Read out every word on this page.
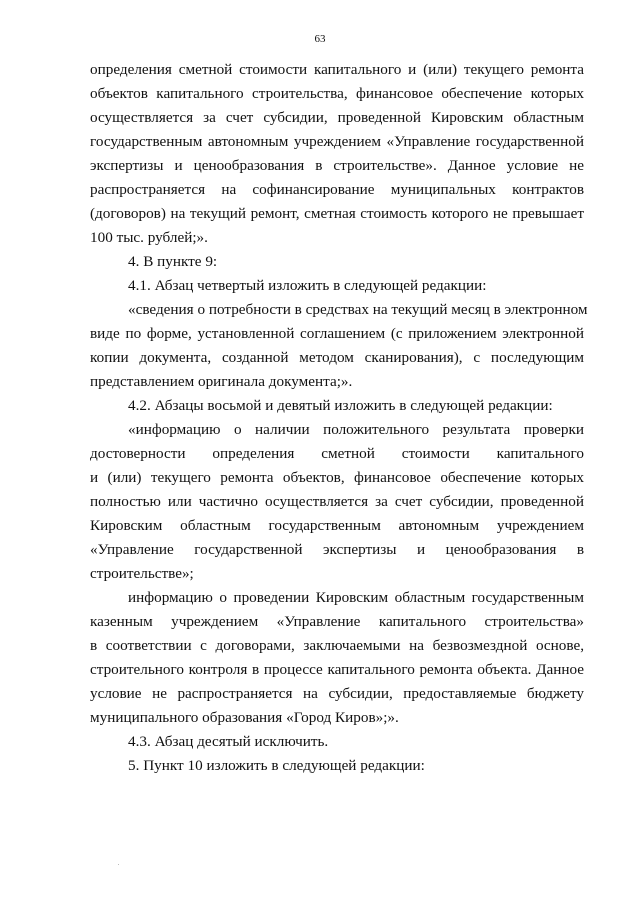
63
определения сметной стоимости капитального и (или) текущего ремонта
объектов капитального строительства, финансовое обеспечение которых
осуществляется за счет субсидии, проведенной Кировским областным
государственным автономным учреждением «Управление государственной
экспертизы и ценообразования в строительстве». Данное условие не
распространяется на софинансирование муниципальных контрактов
(договоров) на текущий ремонт, сметная стоимость которого не превышает
100 тыс. рублей;».
4. В пункте 9:
4.1. Абзац четвертый изложить в следующей редакции:
«сведения о потребности в средствах на текущий месяц в электронном
виде по форме, установленной соглашением (с приложением электронной
копии документа, созданной методом сканирования), с последующим
представлением оригинала документа;».
4.2. Абзацы восьмой и девятый изложить в следующей редакции:
«информацию о наличии положительного результата проверки
достоверности определения сметной стоимости капитального
и (или) текущего ремонта объектов, финансовое обеспечение которых
полностью или частично осуществляется за счет субсидии, проведенной
Кировским областным государственным автономным учреждением
«Управление государственной экспертизы и ценообразования в
строительстве»;
информацию о проведении Кировским областным государственным
казенным учреждением «Управление капитального строительства»
в соответствии с договорами, заключаемыми на безвозмездной основе,
строительного контроля в процессе капитального ремонта объекта. Данное
условие не распространяется на субсидии, предоставляемые бюджету
муниципального образования «Город Киров»;».
4.3. Абзац десятый исключить.
5. Пункт 10 изложить в следующей редакции:
